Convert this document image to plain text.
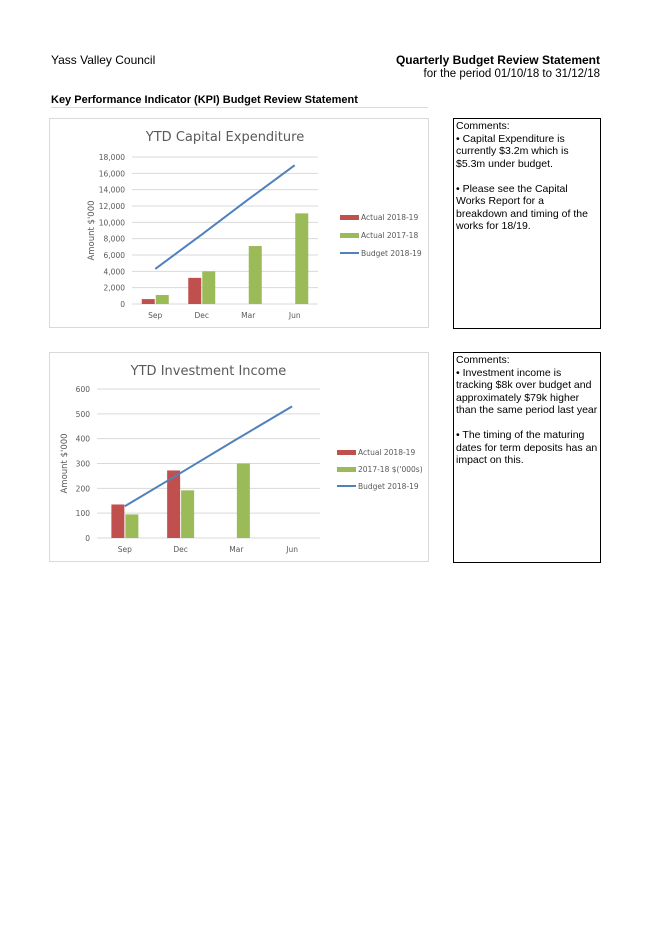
Yass Valley Council	Quarterly Budget Review Statement
for the period 01/10/18 to 31/12/18
Key Performance Indicator (KPI) Budget Review Statement
YTD Capital Expenditure
0
2,000
4,000
6,000
8,000
10,000
12,000
14,000
16,000
18,000
Amount $'000
Sep	Dec	Mar	Jun
Actual 2018-19
Actual 2017-18
Budget 2018-19

Comments:

• Capital Expenditure is currently $3.2m which is $5.3m under budget.

• Please see the Capital Works Report for a breakdown and timing of the works for 18/19.

YTD Investment Income
0
100
200
300
400
500
600
Amount $'000
Sep	Dec	Mar	Jun
Actual 2018-19
2017-18 $('000s)
Budget 2018-19

Comments:

• Investment income is tracking $8k over budget and approximately $79k higher than the same period last year

• The timing of the maturing dates for term deposits has an impact on this.
